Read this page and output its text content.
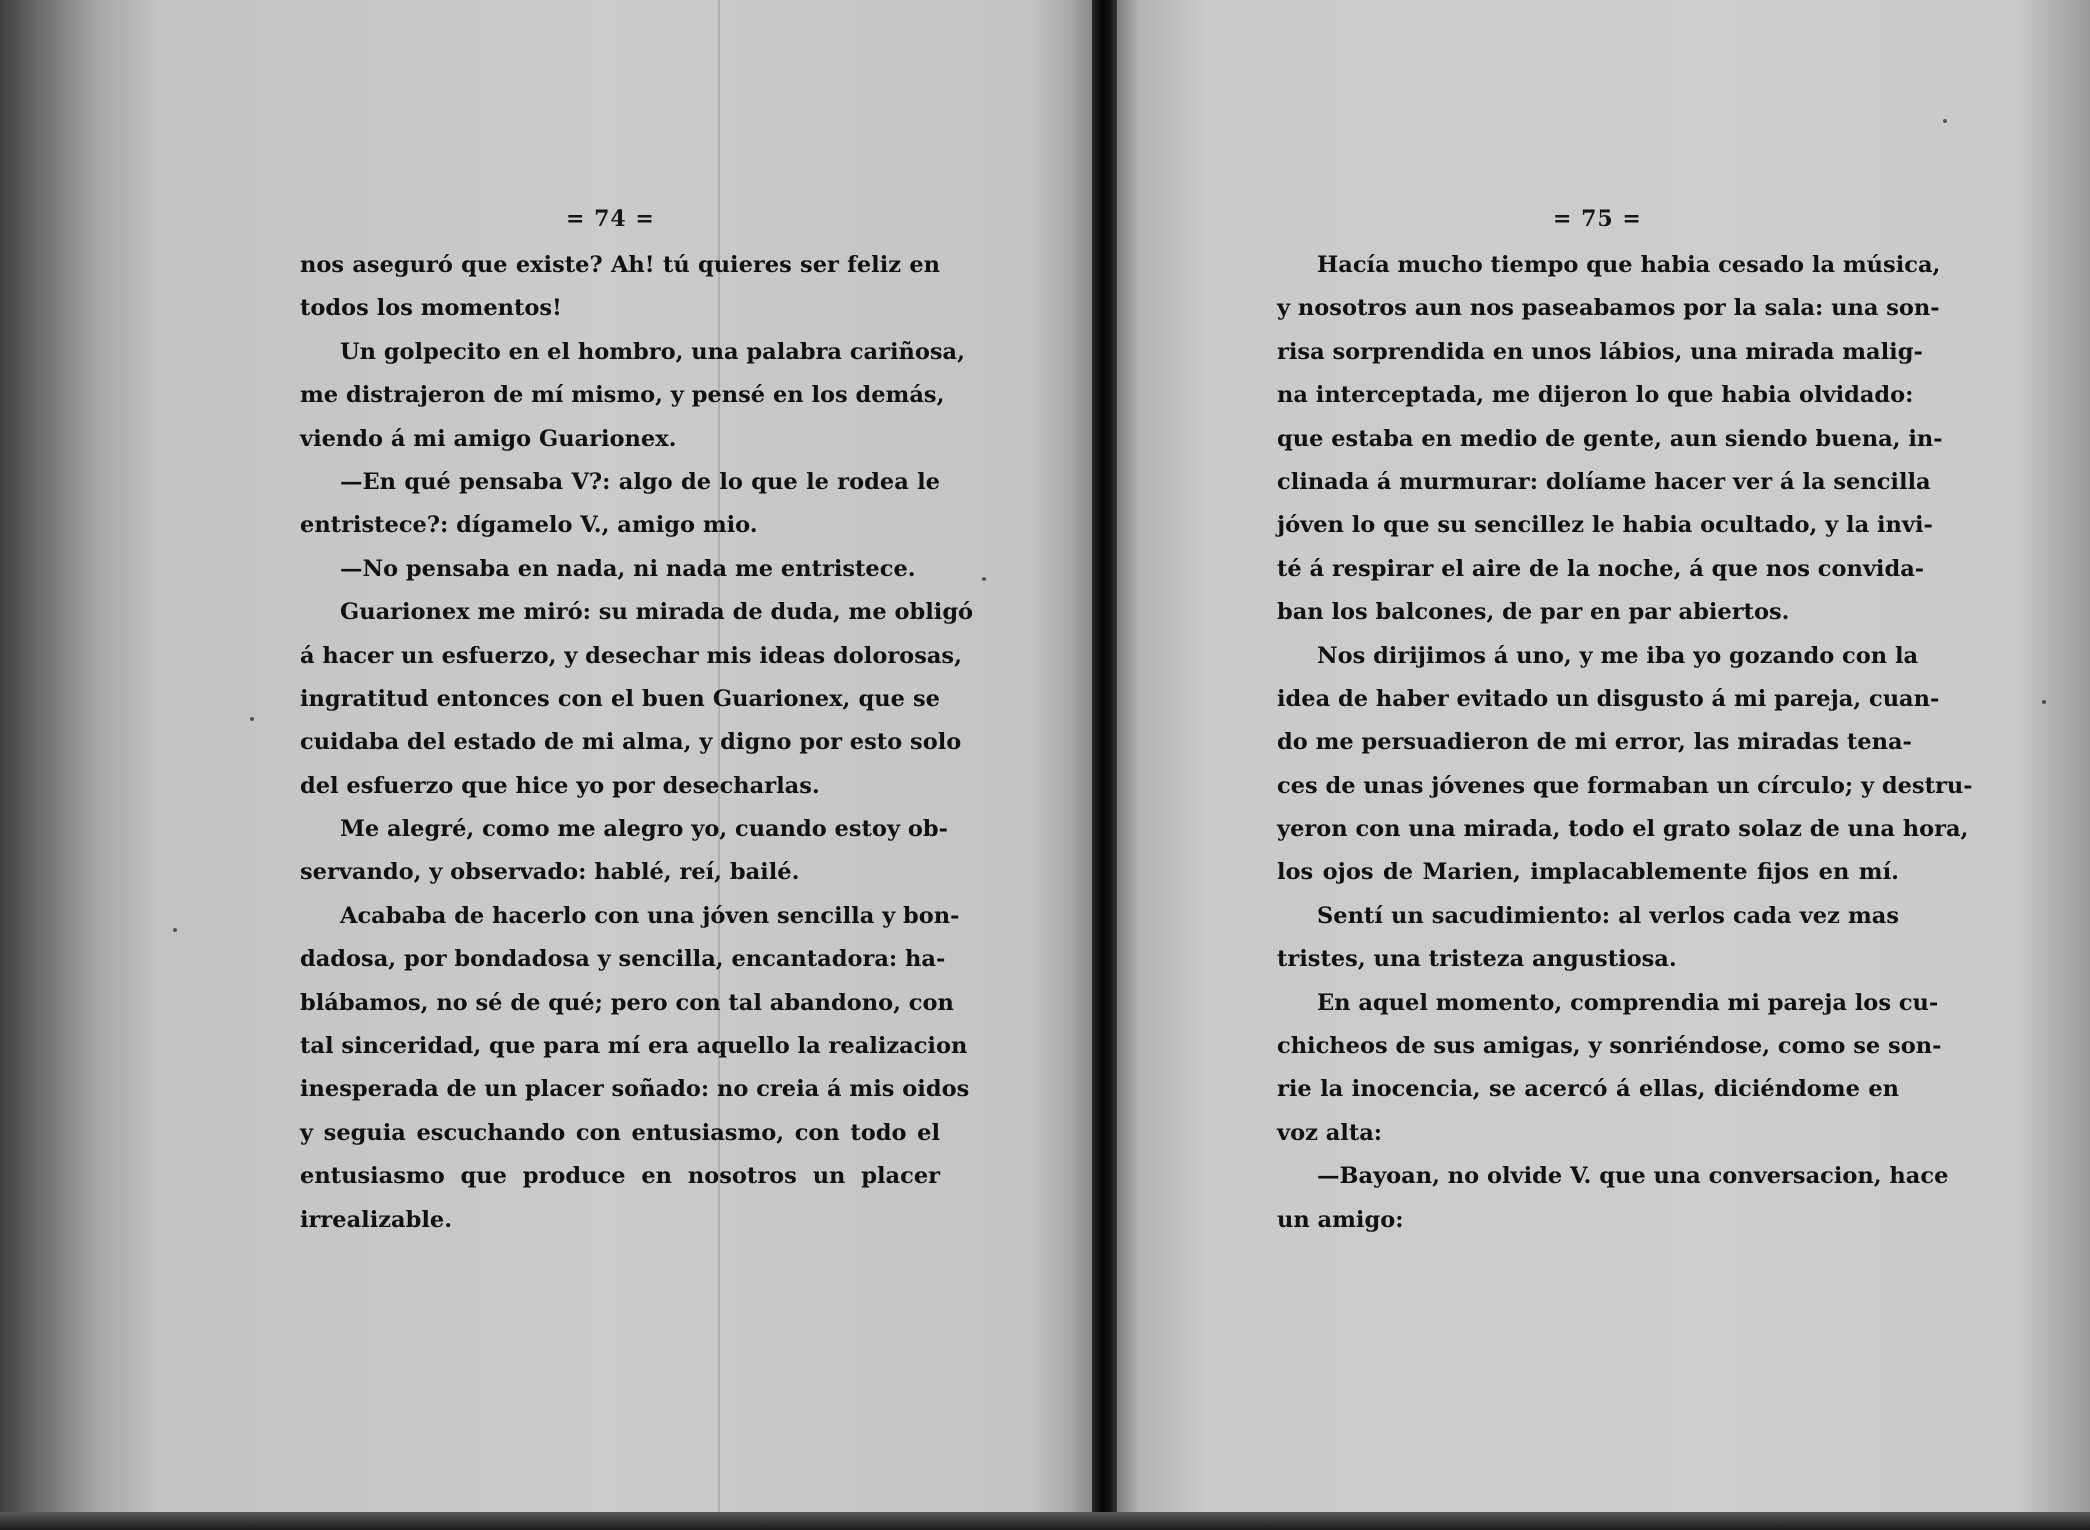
= 74 =
nos aseguró que existe? Ah! tú quieres ser feliz en
todos los momentos!
Un golpecito en el hombro, una palabra cariñosa,
me distrajeron de mí mismo, y pensé en los demás,
viendo á mi amigo Guarionex.
—En qué pensaba V?: algo de lo que le rodea le
entristece?: dígamelo V., amigo mio.
—No pensaba en nada, ni nada me entristece.
Guarionex me miró: su mirada de duda, me obligó
á hacer un esfuerzo, y desechar mis ideas dolorosas,
ingratitud entonces con el buen Guarionex, que se
cuidaba del estado de mi alma, y digno por esto solo
del esfuerzo que hice yo por desecharlas.
Me alegré, como me alegro yo, cuando estoy ob-
servando, y observado: hablé, reí, bailé.
Acababa de hacerlo con una jóven sencilla y bon-
dadosa, por bondadosa y sencilla, encantadora: ha-
blábamos, no sé de qué; pero con tal abandono, con
tal sinceridad, que para mí era aquello la realizacion
inesperada de un placer soñado: no creia á mis oidos
y seguia escuchando con entusiasmo, con todo el
entusiasmo que produce en nosotros un placer
irrealizable.
= 75 =
Hacía mucho tiempo que habia cesado la música,
y nosotros aun nos paseabamos por la sala: una son-
risa sorprendida en unos lábios, una mirada malig-
na interceptada, me dijeron lo que habia olvidado:
que estaba en medio de gente, aun siendo buena, in-
clinada á murmurar: dolíame hacer ver á la sencilla
jóven lo que su sencillez le habia ocultado, y la invi-
té á respirar el aire de la noche, á que nos convida-
ban los balcones, de par en par abiertos.
Nos dirijimos á uno, y me iba yo gozando con la
idea de haber evitado un disgusto á mi pareja, cuan-
do me persuadieron de mi error, las miradas tena-
ces de unas jóvenes que formaban un círculo; y destru-
yeron con una mirada, todo el grato solaz de una hora,
los ojos de Marien, implacablemente fijos en mí.
Sentí un sacudimiento: al verlos cada vez mas
tristes, una tristeza angustiosa.
En aquel momento, comprendia mi pareja los cu-
chicheos de sus amigas, y sonriéndose, como se son-
rie la inocencia, se acercó á ellas, diciéndome en
voz alta:
—Bayoan, no olvide V. que una conversacion, hace
un amigo:
